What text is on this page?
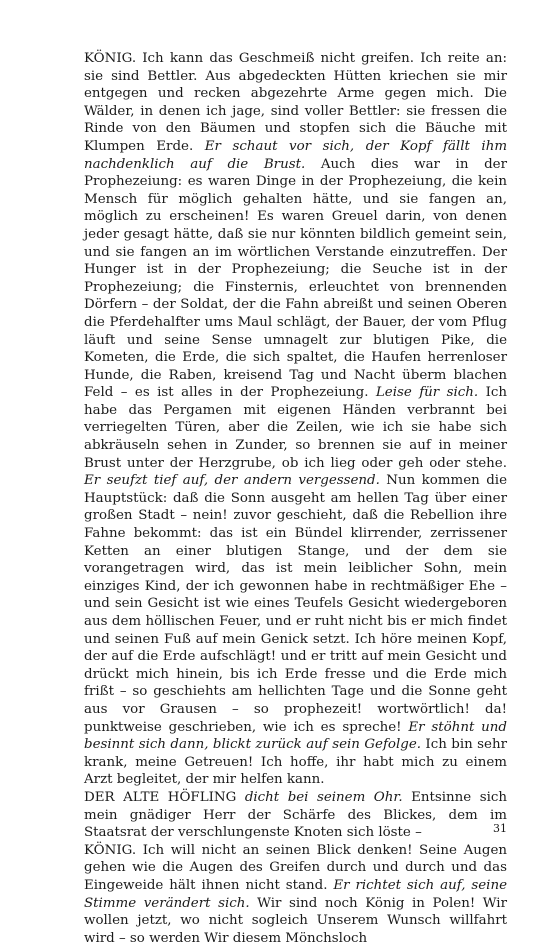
KÖNIG. Ich kann das Geschmeiß nicht greifen. Ich reite an: sie sind Bettler. Aus abgedeckten Hütten kriechen sie mir entgegen und recken abgezehrte Arme gegen mich. Die Wälder, in denen ich jage, sind voller Bettler: sie fressen die Rinde von den Bäumen und stopfen sich die Bäuche mit Klumpen Erde. Er schaut vor sich, der Kopf fällt ihm nachdenklich auf die Brust. Auch dies war in der Prophezeiung: es waren Dinge in der Prophezeiung, die kein Mensch für möglich gehalten hätte, und sie fangen an, möglich zu erscheinen! Es waren Greuel darin, von denen jeder gesagt hätte, daß sie nur könnten bildlich gemeint sein, und sie fangen an im wörtlichen Verstande einzutreffen. Der Hunger ist in der Prophezeiung; die Seuche ist in der Prophezeiung; die Finsternis, erleuchtet von brennenden Dörfern – der Soldat, der die Fahn abreißt und seinen Oberen die Pferdehalfter ums Maul schlägt, der Bauer, der vom Pflug läuft und seine Sense umnagelt zur blutigen Pike, die Kometen, die Erde, die sich spaltet, die Haufen herrenloser Hunde, die Raben, kreisend Tag und Nacht überm blachen Feld – es ist alles in der Prophezeiung. Leise für sich. Ich habe das Pergamen mit eigenen Händen verbrannt bei verriegelten Türen, aber die Zeilen, wie ich sie habe sich abkräuseln sehen in Zunder, so brennen sie auf in meiner Brust unter der Herzgrube, ob ich lieg oder geh oder stehe. Er seufzt tief auf, der andern vergessend. Nun kommen die Hauptstück: daß die Sonn ausgeht am hellen Tag über einer großen Stadt – nein! zuvor geschieht, daß die Rebellion ihre Fahne bekommt: das ist ein Bündel klirrender, zerrissener Ketten an einer blutigen Stange, und der dem sie vorangetragen wird, das ist mein leiblicher Sohn, mein einziges Kind, der ich gewonnen habe in rechtmäßiger Ehe – und sein Gesicht ist wie eines Teufels Gesicht wiedergeboren aus dem höllischen Feuer, und er ruht nicht bis er mich findet und seinen Fuß auf mein Genick setzt. Ich höre meinen Kopf, der auf die Erde aufschlägt! und er tritt auf mein Gesicht und drückt mich hinein, bis ich Erde fresse und die Erde mich frißt – so geschiehts am hellichten Tage und die Sonne geht aus vor Grausen – so prophezeit! wortwörtlich! da! punktweise geschrieben, wie ich es spreche! Er stöhnt und besinnt sich dann, blickt zurück auf sein Gefolge. Ich bin sehr krank, meine Getreuen! Ich hoffe, ihr habt mich zu einem Arzt begleitet, der mir helfen kann.

DER ALTE HÖFLING dicht bei seinem Ohr. Entsinne sich mein gnädiger Herr der Schärfe des Blickes, dem im Staatsrat der verschlungenste Knoten sich löste –

KÖNIG. Ich will nicht an seinen Blick denken! Seine Augen gehen wie die Augen des Greifen durch und durch und das Eingeweide hält ihnen nicht stand. Er richtet sich auf, seine Stimme verändert sich. Wir sind noch König in Polen! Wir wollen jetzt, wo nicht sogleich Unserem Wunsch willfahrt wird – so werden Wir diesem Mönchsloch

31
